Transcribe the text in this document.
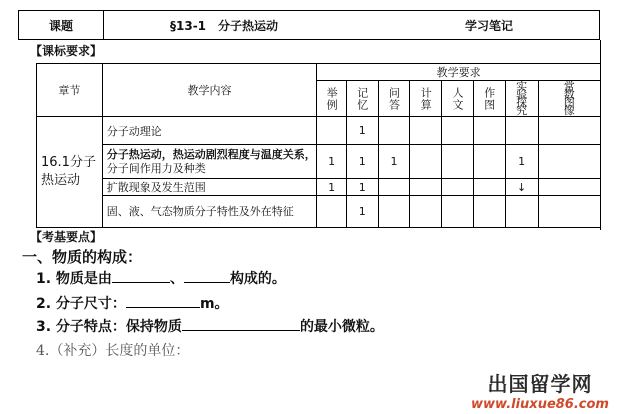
课题	§13-1　分子热运动	学习笔记
【课标要求】
章节	教学内容	教学要求							

		举例	记忆	问答	计算	人文	作图	实验探究	常数图像

16.1分子热运动	分子动理论		1						
	分子热运动，热运动剧烈程度与温度关系，分子间作用力及种类	1	1	1				1	
	扩散现象及发生范围	1	1					↓	
	固、液、气态物质分子特性及外在特征		1						
【考基要点】
一、物质的构成：
1. 物质是由	、	构成的。
2. 分子尺寸：	m。
3. 分子特点：保持物质	的最小微粒。
4.（补充）长度的单位：
出国留学网
www.liuxue86.com
